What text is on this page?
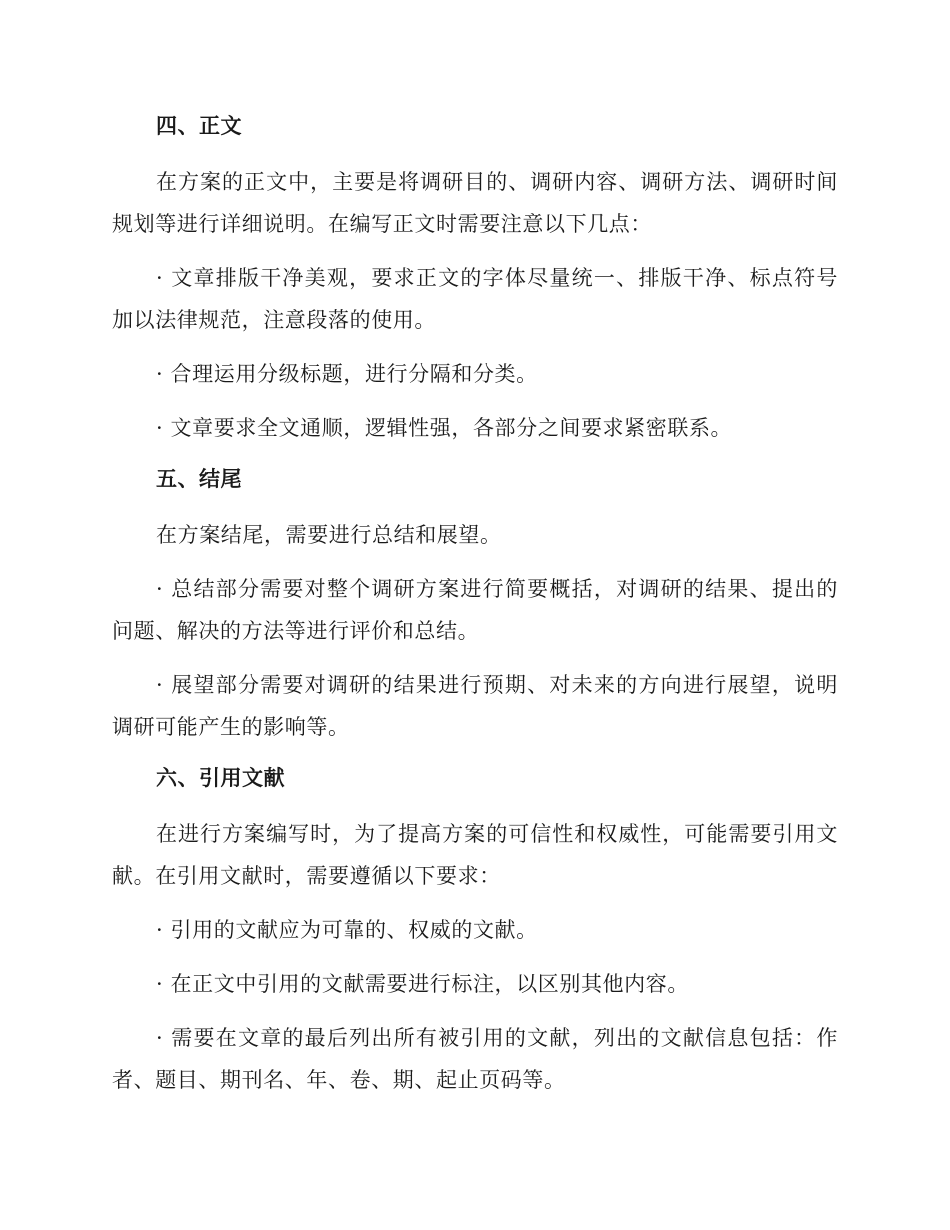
四、正文

在方案的正文中，主要是将调研目的、调研内容、调研方法、调研时间规划等进行详细说明。在编写正文时需要注意以下几点：

· 文章排版干净美观，要求正文的字体尽量统一、排版干净、标点符号加以法律规范，注意段落的使用。

· 合理运用分级标题，进行分隔和分类。

· 文章要求全文通顺，逻辑性强，各部分之间要求紧密联系。

五、结尾

在方案结尾，需要进行总结和展望。

· 总结部分需要对整个调研方案进行简要概括，对调研的结果、提出的问题、解决的方法等进行评价和总结。

· 展望部分需要对调研的结果进行预期、对未来的方向进行展望，说明调研可能产生的影响等。

六、引用文献

在进行方案编写时，为了提高方案的可信性和权威性，可能需要引用文献。在引用文献时，需要遵循以下要求：

· 引用的文献应为可靠的、权威的文献。

· 在正文中引用的文献需要进行标注，以区别其他内容。

· 需要在文章的最后列出所有被引用的文献，列出的文献信息包括：作者、题目、期刊名、年、卷、期、起止页码等。
